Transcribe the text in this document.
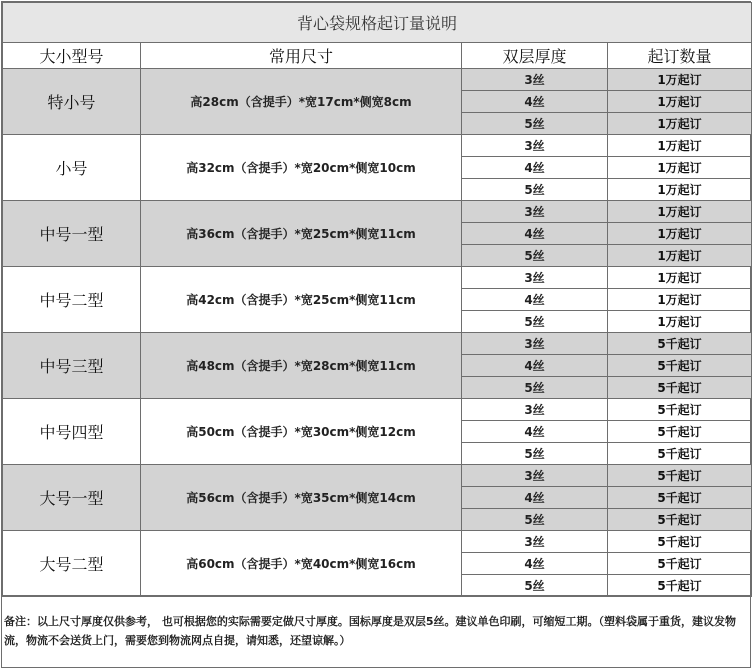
背心袋规格起订量说明			
大小型号	常用尺寸	双层厚度	起订数量
特小号	高28cm（含提手）*宽17cm*侧宽8cm	3丝	1万起订
		4丝	1万起订
		5丝	1万起订
小号	高32cm（含提手）*宽20cm*侧宽10cm	3丝	1万起订
		4丝	1万起订
		5丝	1万起订
中号一型	高36cm（含提手）*宽25cm*侧宽11cm	3丝	1万起订
		4丝	1万起订
		5丝	1万起订
中号二型	高42cm（含提手）*宽25cm*侧宽11cm	3丝	1万起订
		4丝	1万起订
		5丝	1万起订
中号三型	高48cm（含提手）*宽28cm*侧宽11cm	3丝	5千起订
		4丝	5千起订
		5丝	5千起订
中号四型	高50cm（含提手）*宽30cm*侧宽12cm	3丝	5千起订
		4丝	5千起订
		5丝	5千起订
大号一型	高56cm（含提手）*宽35cm*侧宽14cm	3丝	5千起订
		4丝	5千起订
		5丝	5千起订
大号二型	高60cm（含提手）*宽40cm*侧宽16cm	3丝	5千起订
		4丝	5千起订
		5丝	5千起订
备注：以上尺寸厚度仅供参考， 也可根据您的实际需要定做尺寸厚度。国标厚度是双层5丝。建议单色印刷，可缩短工期。（塑料袋属于重货，建议发物流，物流不会送货上门，需要您到物流网点自提，请知悉，还望谅解。）
